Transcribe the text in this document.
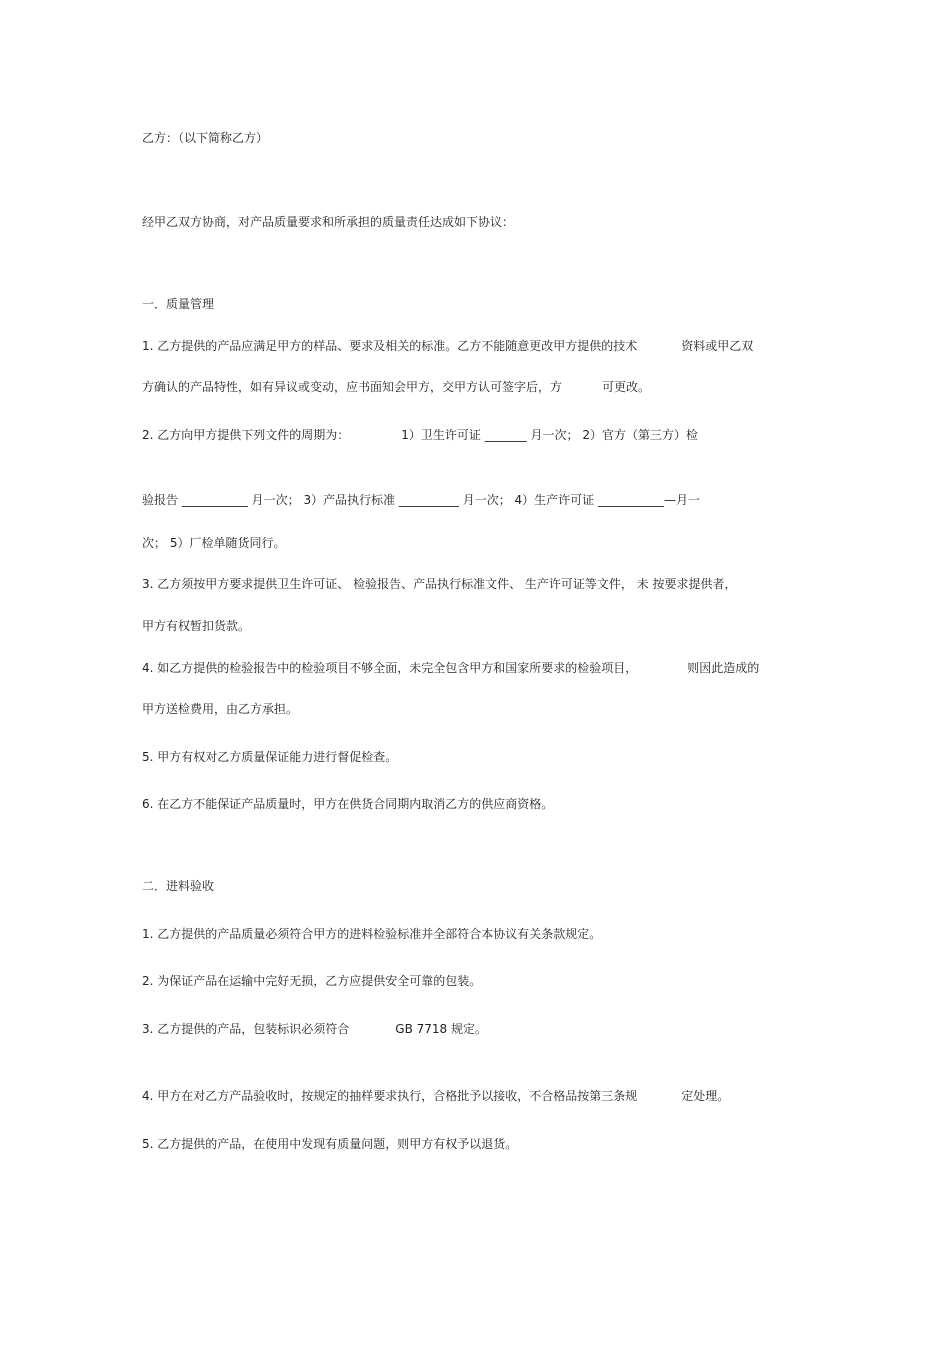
乙方：（以下简称乙方）

经甲乙双方协商，对产品质量要求和所承担的质量责任达成如下协议：

一．质量管理

1. 乙方提供的产品应满足甲方的样品、要求及相关的标准。乙方不能随意更改甲方提供的技术	资料或甲乙双

方确认的产品特性，如有异议或变动，应书面知会甲方，交甲方认可签字后，方	可更改。

2. 乙方向甲方提供下列文件的周期为：	1）卫生许可证 _______ 月一次； 2）官方（第三方）检

验报告 ___________ 月一次； 3）产品执行标准 __________ 月一次； 4）生产许可证 ___________—月一

次； 5）厂检单随货同行。

3. 乙方须按甲方要求提供卫生许可证、 检验报告、产品执行标准文件、 生产许可证等文件， 未 按要求提供者，

甲方有权暂扣货款。

4. 如乙方提供的检验报告中的检验项目不够全面，未完全包含甲方和国家所要求的检验项目，	则因此造成的

甲方送检费用，由乙方承担。

5. 甲方有权对乙方质量保证能力进行督促检查。

6. 在乙方不能保证产品质量时，甲方在供货合同期内取消乙方的供应商资格。

二．进料验收

1. 乙方提供的产品质量必须符合甲方的进料检验标准并全部符合本协议有关条款规定。

2. 为保证产品在运输中完好无损，乙方应提供安全可靠的包装。

3. 乙方提供的产品，包装标识必须符合	GB 7718 规定。

4. 甲方在对乙方产品验收时，按规定的抽样要求执行，合格批予以接收，不合格品按第三条规	定处理。

5. 乙方提供的产品，在使用中发现有质量问题，则甲方有权予以退货。
